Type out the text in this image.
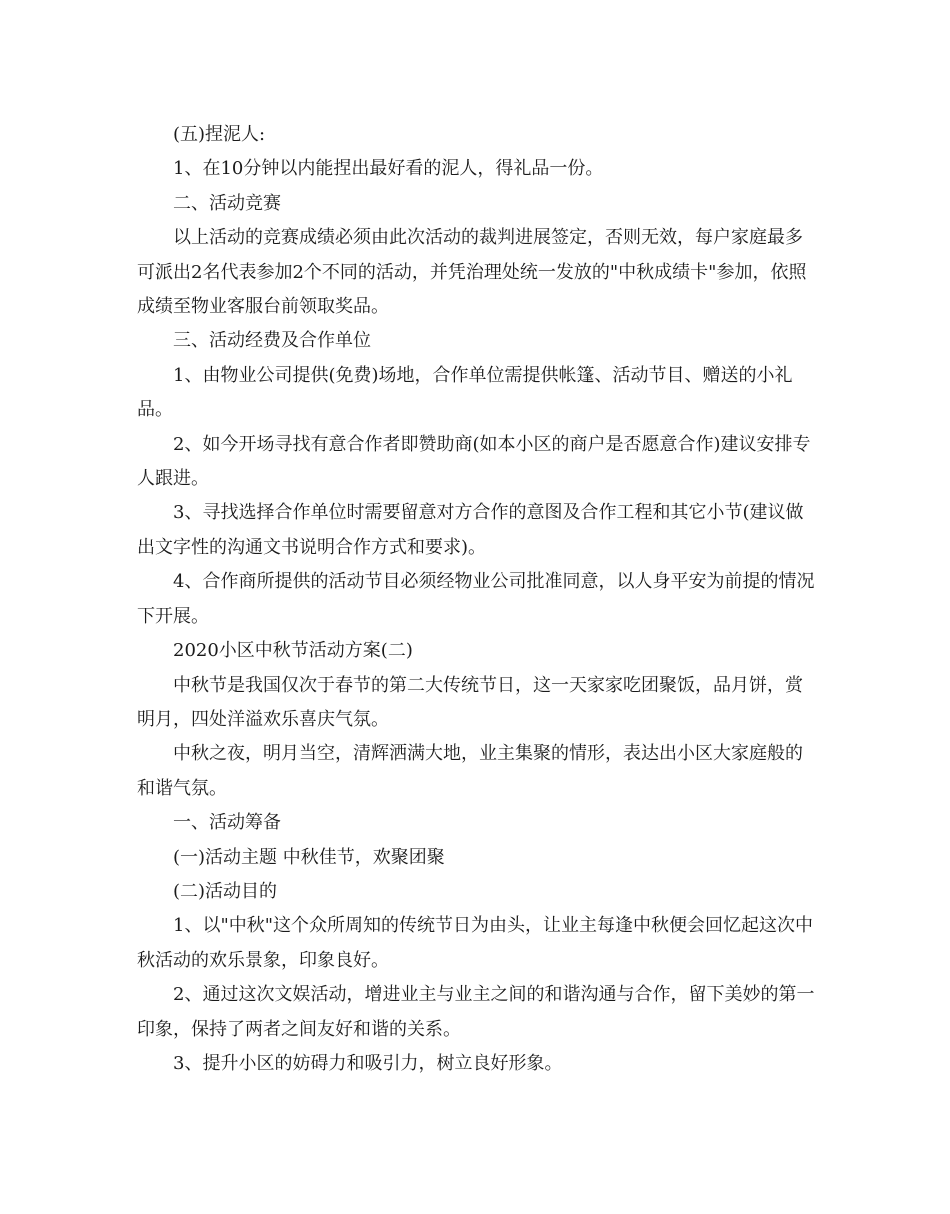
(五)捏泥人:

1、在10分钟以内能捏出最好看的泥人，得礼品一份。

二、活动竞赛

以上活动的竞赛成绩必须由此次活动的裁判进展签定，否则无效，每户家庭最多可派出2名代表参加2个不同的活动，并凭治理处统一发放的"中秋成绩卡"参加，依照成绩至物业客服台前领取奖品。

三、活动经费及合作单位

1、由物业公司提供(免费)场地，合作单位需提供帐篷、活动节目、赠送的小礼品。

2、如今开场寻找有意合作者即赞助商(如本小区的商户是否愿意合作)建议安排专人跟进。

3、寻找选择合作单位时需要留意对方合作的意图及合作工程和其它小节(建议做出文字性的沟通文书说明合作方式和要求)。

4、合作商所提供的活动节目必须经物业公司批准同意，以人身平安为前提的情况下开展。

2020小区中秋节活动方案(二)

中秋节是我国仅次于春节的第二大传统节日，这一天家家吃团聚饭，品月饼，赏明月，四处洋溢欢乐喜庆气氛。

中秋之夜，明月当空，清辉洒满大地，业主集聚的情形，表达出小区大家庭般的和谐气氛。

一、活动筹备

(一)活动主题 中秋佳节，欢聚团聚

(二)活动目的

1、以"中秋"这个众所周知的传统节日为由头，让业主每逢中秋便会回忆起这次中秋活动的欢乐景象，印象良好。

2、通过这次文娱活动，增进业主与业主之间的和谐沟通与合作，留下美妙的第一印象，保持了两者之间友好和谐的关系。

3、提升小区的妨碍力和吸引力，树立良好形象。
